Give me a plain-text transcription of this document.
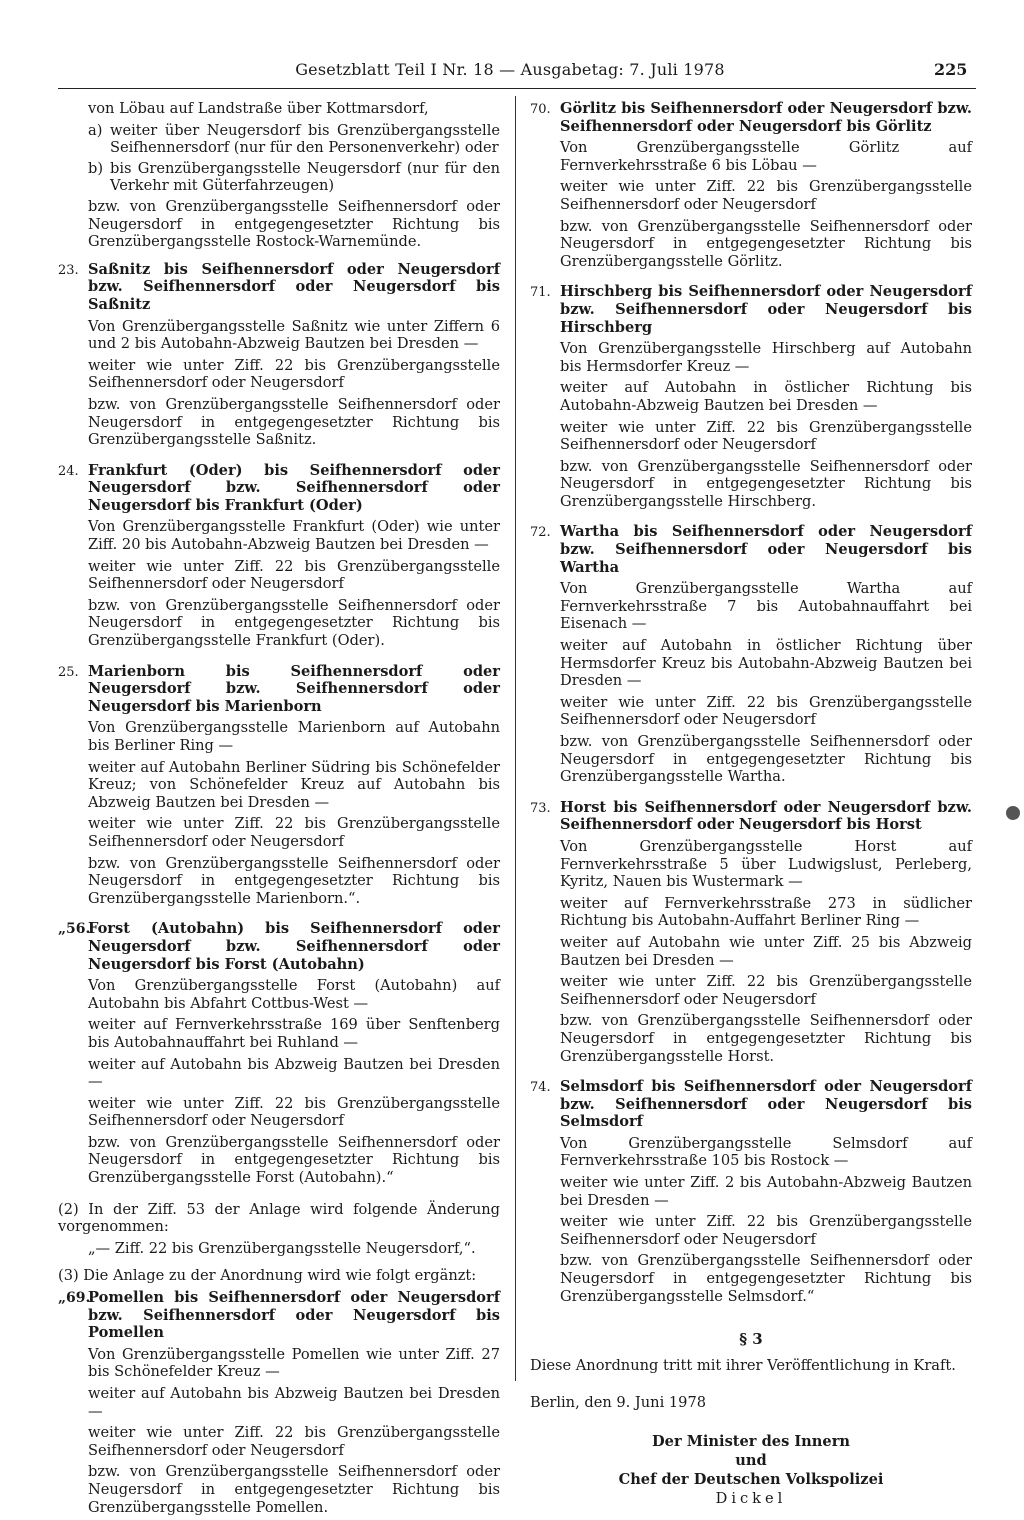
Gesetzblatt Teil I Nr. 18 — Ausgabetag: 7. Juli 1978	225

von Löbau auf Landstraße über Kottmarsdorf,

a) weiter über Neugersdorf bis Grenzübergangsstelle Seifhennersdorf (nur für den Personenverkehr) oder
b) bis Grenzübergangsstelle Neugersdorf (nur für den Verkehr mit Güterfahrzeugen)

bzw. von Grenzübergangsstelle Seifhennersdorf oder Neugersdorf in entgegengesetzter Richtung bis Grenzübergangsstelle Rostock-Warnemünde.

23. Saßnitz bis Seifhennersdorf oder Neugersdorf bzw. Seifhennersdorf oder Neugersdorf bis Saßnitz

Von Grenzübergangsstelle Saßnitz wie unter Ziffern 6 und 2 bis Autobahn-Abzweig Bautzen bei Dresden —

weiter wie unter Ziff. 22 bis Grenzübergangsstelle Seifhennersdorf oder Neugersdorf

bzw. von Grenzübergangsstelle Seifhennersdorf oder Neugersdorf in entgegengesetzter Richtung bis Grenzübergangsstelle Saßnitz.

24. Frankfurt (Oder) bis Seifhennersdorf oder Neugersdorf bzw. Seifhennersdorf oder Neugersdorf bis Frankfurt (Oder)

Von Grenzübergangsstelle Frankfurt (Oder) wie unter Ziff. 20 bis Autobahn-Abzweig Bautzen bei Dresden —

weiter wie unter Ziff. 22 bis Grenzübergangsstelle Seifhennersdorf oder Neugersdorf

bzw. von Grenzübergangsstelle Seifhennersdorf oder Neugersdorf in entgegengesetzter Richtung bis Grenzübergangsstelle Frankfurt (Oder).

25. Marienborn bis Seifhennersdorf oder Neugersdorf bzw. Seifhennersdorf oder Neugersdorf bis Marienborn

Von Grenzübergangsstelle Marienborn auf Autobahn bis Berliner Ring —

weiter auf Autobahn Berliner Südring bis Schönefelder Kreuz; von Schönefelder Kreuz auf Autobahn bis Abzweig Bautzen bei Dresden —

weiter wie unter Ziff. 22 bis Grenzübergangsstelle Seifhennersdorf oder Neugersdorf

bzw. von Grenzübergangsstelle Seifhennersdorf oder Neugersdorf in entgegengesetzter Richtung bis Grenzübergangsstelle Marienborn.“.

„56.

Forst (Autobahn) bis Seifhennersdorf oder Neugersdorf bzw. Seifhennersdorf oder Neugersdorf bis Forst (Autobahn)

Von Grenzübergangsstelle Forst (Autobahn) auf Autobahn bis Abfahrt Cottbus-West —

weiter auf Fernverkehrsstraße 169 über Senftenberg bis Autobahnauffahrt bei Ruhland —

weiter auf Autobahn bis Abzweig Bautzen bei Dresden —

weiter wie unter Ziff. 22 bis Grenzübergangsstelle Seifhennersdorf oder Neugersdorf

bzw. von Grenzübergangsstelle Seifhennersdorf oder Neugersdorf in entgegengesetzter Richtung bis Grenzübergangsstelle Forst (Autobahn).“

(2) In der Ziff. 53 der Anlage wird folgende Änderung vorgenommen:

„— Ziff. 22 bis Grenzübergangsstelle Neugersdorf,“.

(3) Die Anlage zu der Anordnung wird wie folgt ergänzt:

„69.

Pomellen bis Seifhennersdorf oder Neugersdorf bzw. Seifhennersdorf oder Neugersdorf bis Pomellen

Von Grenzübergangsstelle Pomellen wie unter Ziff. 27 bis Schönefelder Kreuz —

weiter auf Autobahn bis Abzweig Bautzen bei Dresden —

weiter wie unter Ziff. 22 bis Grenzübergangsstelle Seifhennersdorf oder Neugersdorf

bzw. von Grenzübergangsstelle Seifhennersdorf oder Neugersdorf in entgegengesetzter Richtung bis Grenzübergangsstelle Pomellen.

70. Görlitz bis Seifhennersdorf oder Neugersdorf bzw. Seifhennersdorf oder Neugersdorf bis Görlitz

Von Grenzübergangsstelle Görlitz auf Fernverkehrsstraße 6 bis Löbau —

weiter wie unter Ziff. 22 bis Grenzübergangsstelle Seifhennersdorf oder Neugersdorf

bzw. von Grenzübergangsstelle Seifhennersdorf oder Neugersdorf in entgegengesetzter Richtung bis Grenzübergangsstelle Görlitz.

71. Hirschberg bis Seifhennersdorf oder Neugersdorf bzw. Seifhennersdorf oder Neugersdorf bis Hirschberg

Von Grenzübergangsstelle Hirschberg auf Autobahn bis Hermsdorfer Kreuz —

weiter auf Autobahn in östlicher Richtung bis Autobahn-Abzweig Bautzen bei Dresden —

weiter wie unter Ziff. 22 bis Grenzübergangsstelle Seifhennersdorf oder Neugersdorf

bzw. von Grenzübergangsstelle Seifhennersdorf oder Neugersdorf in entgegengesetzter Richtung bis Grenzübergangsstelle Hirschberg.

72. Wartha bis Seifhennersdorf oder Neugersdorf bzw. Seifhennersdorf oder Neugersdorf bis Wartha

Von Grenzübergangsstelle Wartha auf Fernverkehrsstraße 7 bis Autobahnauffahrt bei Eisenach —

weiter auf Autobahn in östlicher Richtung über Hermsdorfer Kreuz bis Autobahn-Abzweig Bautzen bei Dresden —

weiter wie unter Ziff. 22 bis Grenzübergangsstelle Seifhennersdorf oder Neugersdorf

bzw. von Grenzübergangsstelle Seifhennersdorf oder Neugersdorf in entgegengesetzter Richtung bis Grenzübergangsstelle Wartha.

73. Horst bis Seifhennersdorf oder Neugersdorf bzw. Seifhennersdorf oder Neugersdorf bis Horst

Von Grenzübergangsstelle Horst auf Fernverkehrsstraße 5 über Ludwigslust, Perleberg, Kyritz, Nauen bis Wustermark —

weiter auf Fernverkehrsstraße 273 in südlicher Richtung bis Autobahn-Auffahrt Berliner Ring —

weiter auf Autobahn wie unter Ziff. 25 bis Abzweig Bautzen bei Dresden —

weiter wie unter Ziff. 22 bis Grenzübergangsstelle Seifhennersdorf oder Neugersdorf

bzw. von Grenzübergangsstelle Seifhennersdorf oder Neugersdorf in entgegengesetzter Richtung bis Grenzübergangsstelle Horst.

74. Selmsdorf bis Seifhennersdorf oder Neugersdorf bzw. Seifhennersdorf oder Neugersdorf bis Selmsdorf

Von Grenzübergangsstelle Selmsdorf auf Fernverkehrsstraße 105 bis Rostock —

weiter wie unter Ziff. 2 bis Autobahn-Abzweig Bautzen bei Dresden —

weiter wie unter Ziff. 22 bis Grenzübergangsstelle Seifhennersdorf oder Neugersdorf

bzw. von Grenzübergangsstelle Seifhennersdorf oder Neugersdorf in entgegengesetzter Richtung bis Grenzübergangsstelle Selmsdorf.“

§ 3

Diese Anordnung tritt mit ihrer Veröffentlichung in Kraft.

Berlin, den 9. Juni 1978

Der Minister des Innern
und
Chef der Deutschen Volkspolizei
Dickel
